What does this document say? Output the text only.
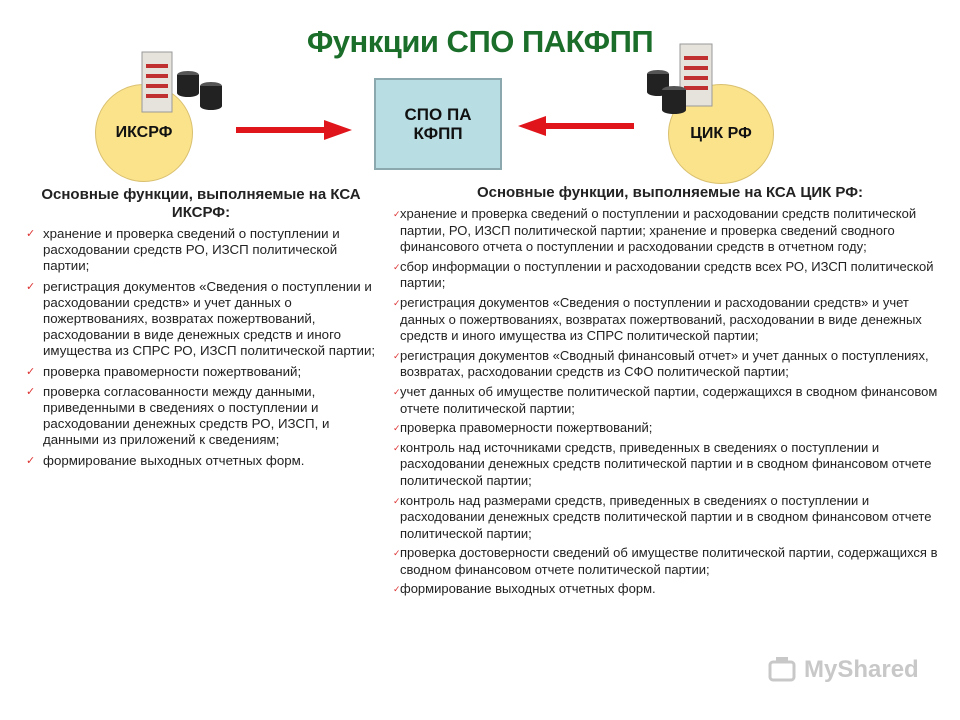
Функции СПО ПАКФПП
ИКСРФ
СПО ПА
КФПП	ЦИК РФ
Основные функции, выполняемые на КСА ИКСРФ:
✓ хранение и проверка сведений о поступлении и расходовании средств РО, ИЗСП политической партии;
✓ регистрация документов «Сведения о поступлении и расходовании средств» и учет данных о пожертвованиях, возвратах пожертвований, расходовании в виде денежных средств и иного имущества из СПРС РО, ИЗСП политической партии;
✓ проверка правомерности пожертвований;
✓ проверка согласованности между данными, приведенными в сведениях о поступлении и расходовании денежных средств РО, ИЗСП, и данными из приложений к сведениям;
✓ формирование выходных отчетных форм.
Основные функции, выполняемые на КСА ЦИК РФ:
✓ хранение и проверка сведений о поступлении и расходовании средств политической партии, РО, ИЗСП политической партии; хранение и проверка сведений сводного финансового отчета о поступлении и расходовании средств в отчетном году;
✓ сбор информации о поступлении и расходовании средств всех РО, ИЗСП политической партии;
✓ регистрация документов «Сведения о поступлении и расходовании средств» и учет данных о пожертвованиях, возвратах пожертвований, расходовании в виде денежных средств и иного имущества из СПРС политической партии;
✓ регистрация документов «Сводный финансовый отчет» и учет данных о поступлениях, возвратах, расходовании средств из СФО политической партии;
✓ учет данных об имуществе политической партии, содержащихся в сводном финансовом отчете политической партии;
✓ проверка правомерности пожертвований;
✓ контроль над источниками средств, приведенных в сведениях о поступлении и расходовании денежных средств политической партии и в сводном финансовом отчете политической партии;
✓ контроль над размерами средств, приведенных в сведениях о поступлении и расходовании денежных средств политической партии и в сводном финансовом отчете политической партии;
✓ проверка достоверности сведений об имуществе политической партии, содержащихся в сводном финансовом отчете политической партии;
✓ формирование выходных отчетных форм.
MyShared
